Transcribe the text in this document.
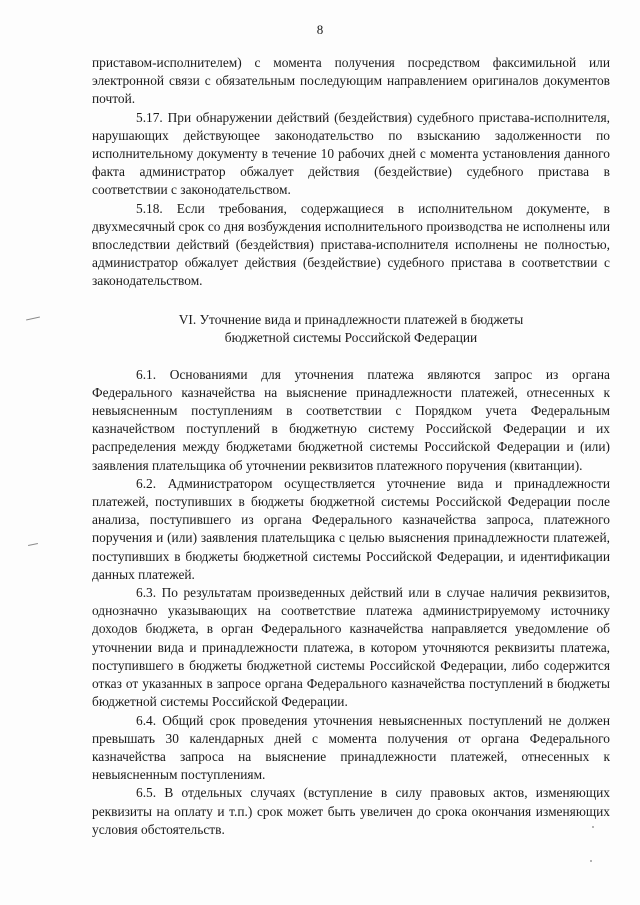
8

приставом-исполнителем) с момента получения посредством факсимильной или электронной связи с обязательным последующим направлением оригиналов документов почтой.

5.17. При обнаружении действий (бездействия) судебного пристава-исполнителя, нарушающих действующее законодательство по взысканию задолженности по исполнительному документу в течение 10 рабочих дней с момента установления данного факта администратор обжалует действия (бездействие) судебного пристава в соответствии с законодательством.

5.18. Если требования, содержащиеся в исполнительном документе, в двухмесячный срок со дня возбуждения исполнительного производства не исполнены или впоследствии действий (бездействия) пристава-исполнителя исполнены не полностью, администратор обжалует действия (бездействие) судебного пристава в соответствии с законодательством.

VI. Уточнение вида и принадлежности платежей в бюджеты
бюджетной системы Российской Федерации

6.1. Основаниями для уточнения платежа являются запрос из органа Федерального казначейства на выяснение принадлежности платежей, отнесенных к невыясненным поступлениям в соответствии с Порядком учета Федеральным казначейством поступлений в бюджетную систему Российской Федерации и их распределения между бюджетами бюджетной системы Российской Федерации и (или) заявления плательщика об уточнении реквизитов платежного поручения (квитанции).

6.2. Администратором осуществляется уточнение вида и принадлежности платежей, поступивших в бюджеты бюджетной системы Российской Федерации после анализа, поступившего из органа Федерального казначейства запроса, платежного поручения и (или) заявления плательщика с целью выяснения принадлежности платежей, поступивших в бюджеты бюджетной системы Российской Федерации, и идентификации данных платежей.

6.3. По результатам произведенных действий или в случае наличия реквизитов, однозначно указывающих на соответствие платежа администрируемому источнику доходов бюджета, в орган Федерального казначейства направляется уведомление об уточнении вида и принадлежности платежа, в котором уточняются реквизиты платежа, поступившего в бюджеты бюджетной системы Российской Федерации, либо содержится отказ от указанных в запросе органа Федерального казначейства поступлений в бюджеты бюджетной системы Российской Федерации.

6.4. Общий срок проведения уточнения невыясненных поступлений не должен превышать 30 календарных дней с момента получения от органа Федерального казначейства запроса на выяснение принадлежности платежей, отнесенных к невыясненным поступлениям.

6.5. В отдельных случаях (вступление в силу правовых актов, изменяющих реквизиты на оплату и т.п.) срок может быть увеличен до срока окончания изменяющих условия обстоятельств.
